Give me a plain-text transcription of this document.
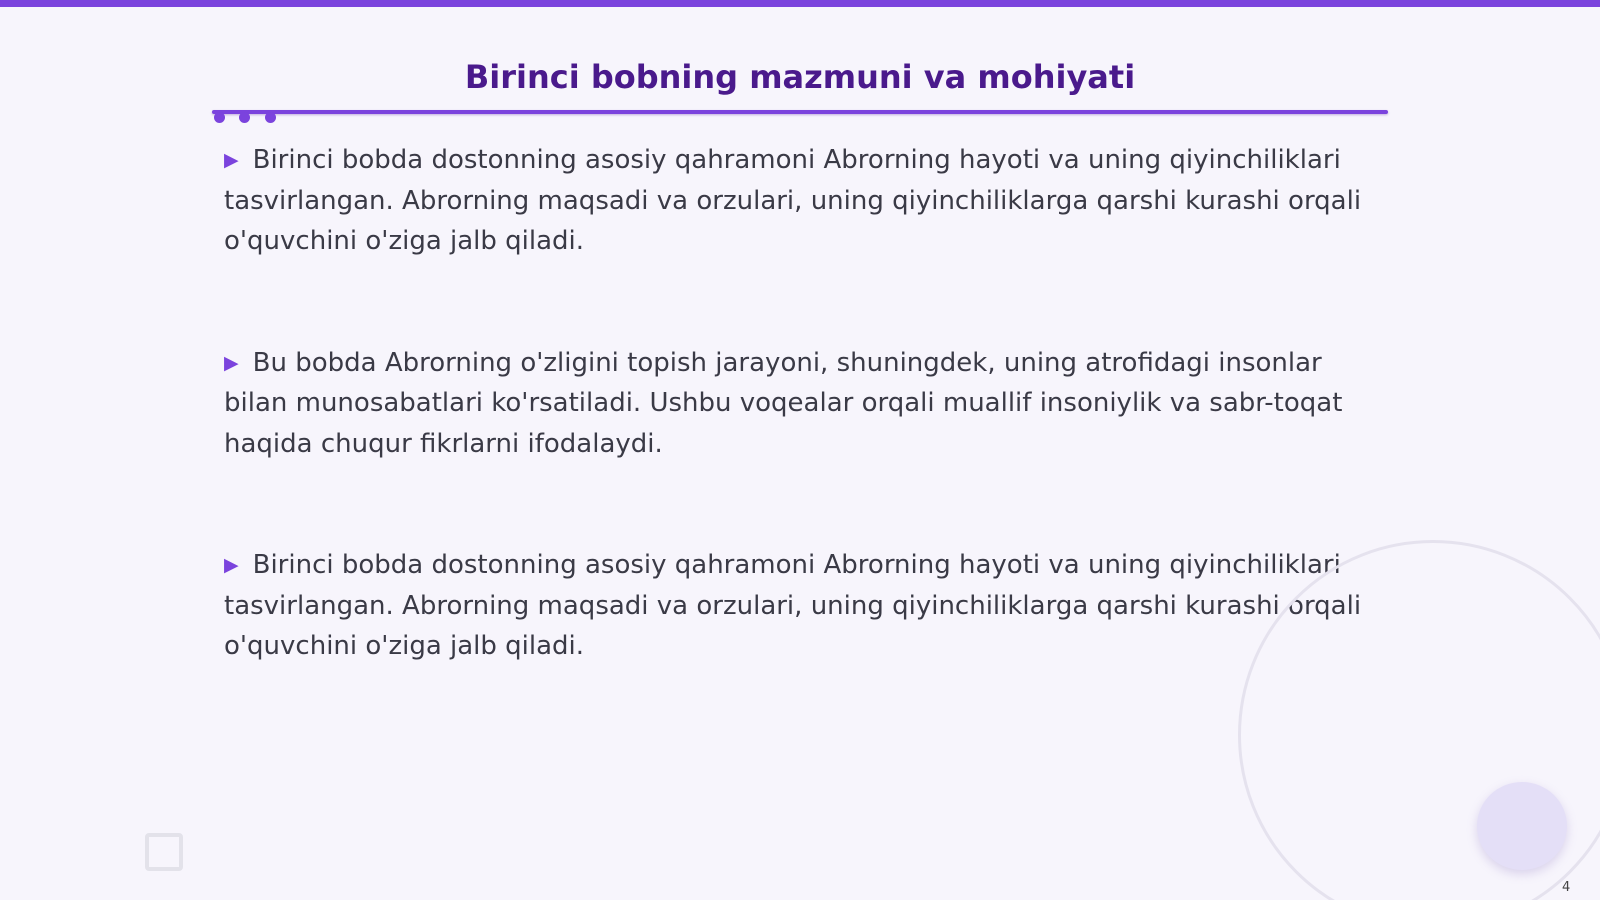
Birinci bobning mazmuni va mohiyati

▶ Birinci bobda dostonning asosiy qahramoni Abrorning hayoti va uning qiyinchiliklari tasvirlangan. Abrorning maqsadi va orzulari, uning qiyinchiliklarga qarshi kurashi orqali o'quvchini o'ziga jalb qiladi.

▶ Bu bobda Abrorning o'zligini topish jarayoni, shuningdek, uning atrofidagi insonlar bilan munosabatlari ko'rsatiladi. Ushbu voqealar orqali muallif insoniylik va sabr-toqat haqida chuqur fikrlarni ifodalaydi.

▶ Birinci bobda dostonning asosiy qahramoni Abrorning hayoti va uning qiyinchiliklari tasvirlangan. Abrorning maqsadi va orzulari, uning qiyinchiliklarga qarshi kurashi orqali o'quvchini o'ziga jalb qiladi.

4
